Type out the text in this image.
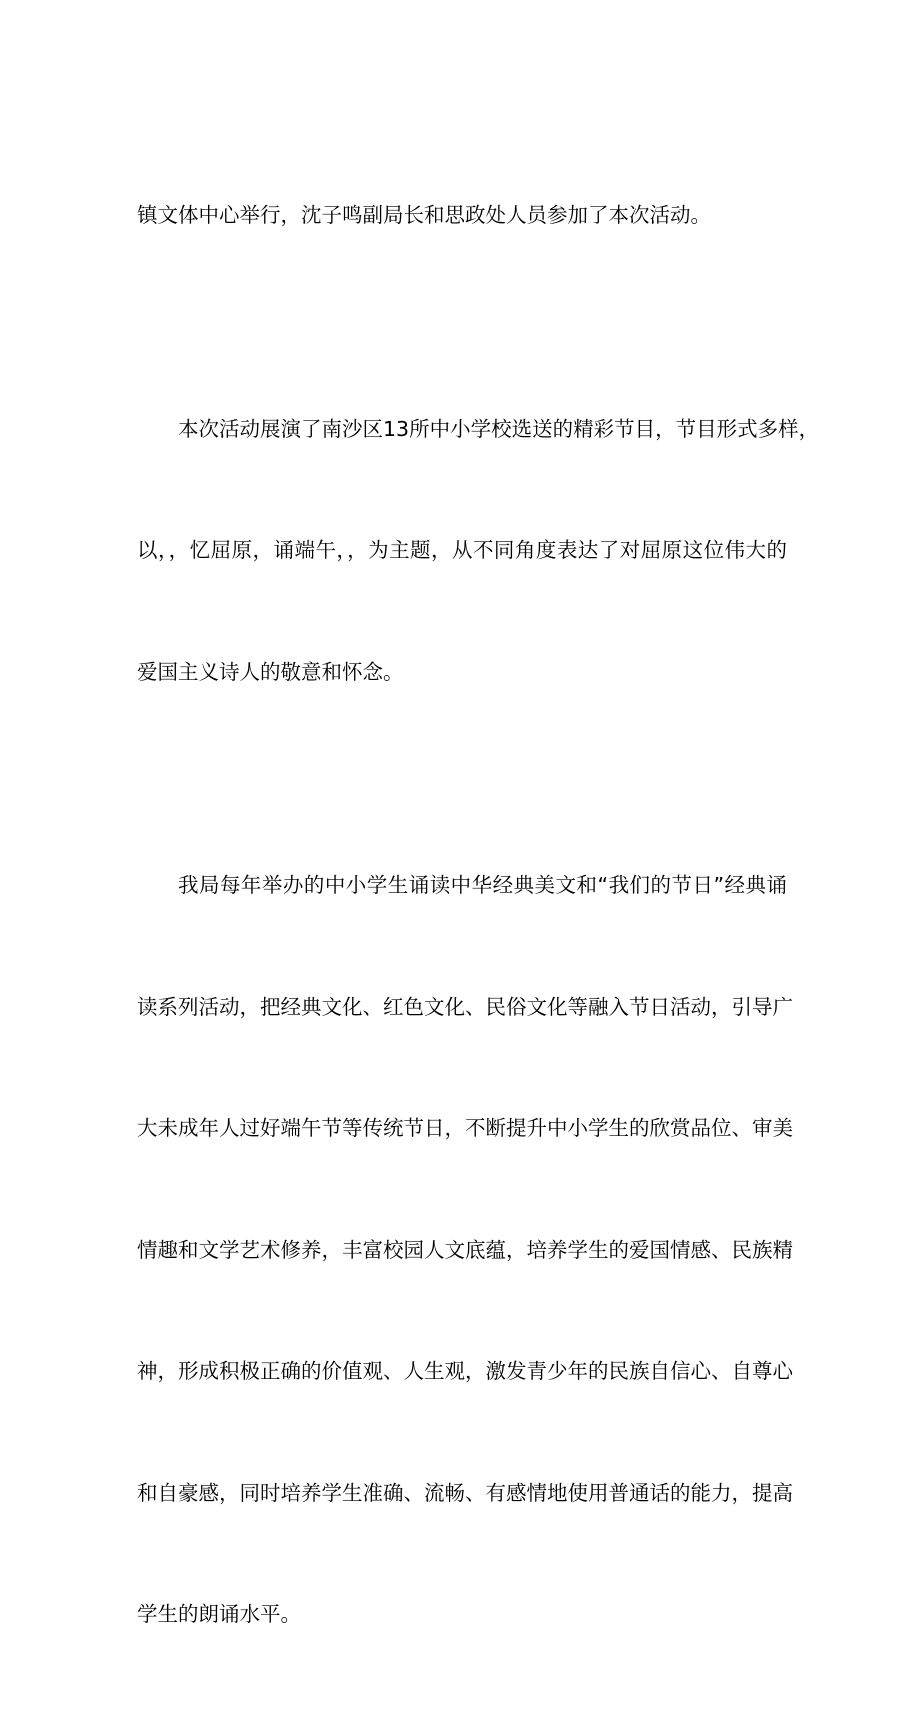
镇文体中心举行，沈子鸣副局长和思政处人员参加了本次活动。

本次活动展演了南沙区13所中小学校选送的精彩节目，节目形式多样，

以，，忆屈原，诵端午，，为主题，从不同角度表达了对屈原这位伟大的

爱国主义诗人的敬意和怀念。

我局每年举办的中小学生诵读中华经典美文和“我们的节日”经典诵

读系列活动，把经典文化、红色文化、民俗文化等融入节日活动，引导广

大未成年人过好端午节等传统节日，不断提升中小学生的欣赏品位、审美

情趣和文学艺术修养，丰富校园人文底蕴，培养学生的爱国情感、民族精

神，形成积极正确的价值观、人生观，激发青少年的民族自信心、自尊心

和自豪感，同时培养学生准确、流畅、有感情地使用普通话的能力，提高

学生的朗诵水平。
